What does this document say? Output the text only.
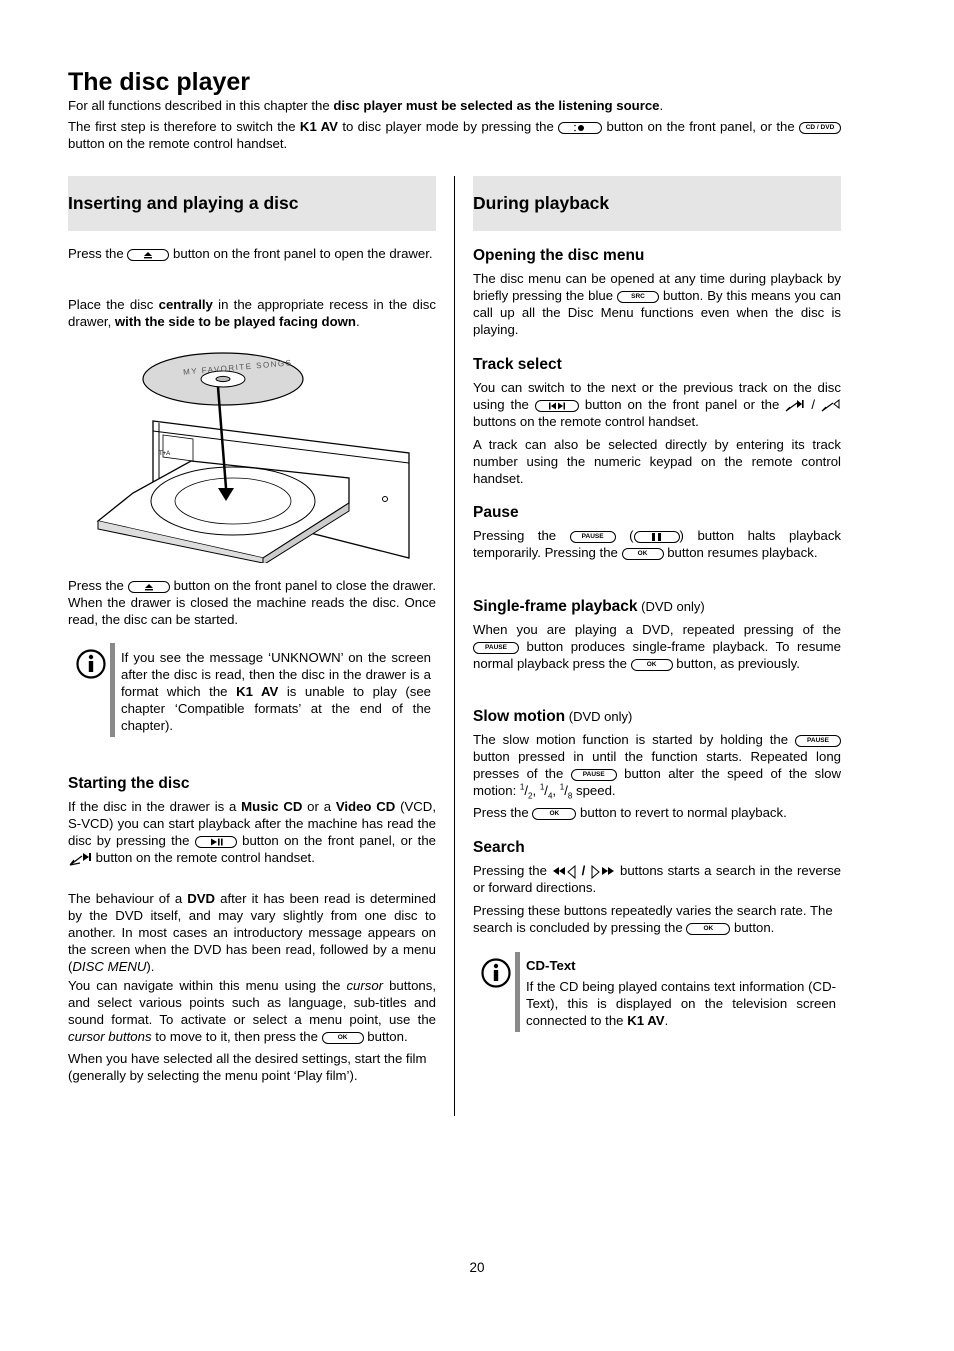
The disc player

For all functions described in this chapter the disc player must be selected as the listening source.

The first step is therefore to switch the K1 AV to disc player mode by pressing the	button on the front panel, or the	CD / DVD
button on the remote control handset.

Inserting and playing a disc

Press the	button on the front panel to open the drawer.

Place the disc centrally in the appropriate recess in the disc drawer, with the side to be played facing down.

T+A
MY FAVORITE SONGS

Press the	button on the front panel to close the drawer. When the drawer is closed the machine reads the disc. Once read, the disc can be started.

If you see the message ‘UNKNOWN’ on the screen after the disc is read, then the disc in the drawer is a format which the K1 AV is unable to play (see chapter ‘Compatible formats’ at the end of the chapter).

Starting the disc

If the disc in the drawer is a Music CD or a Video CD (VCD, S-VCD) you can start playback after the machine has read the disc by pressing the	button on the front panel, or the  button on the remote control handset.

The behaviour of a DVD after it has been read is determined by the DVD itself, and may vary slightly from one disc to another. In most cases an introductory message appears on the screen when the DVD has been read, followed by a menu (DISC MENU).

You can navigate within this menu using the cursor buttons, and select various points such as language, sub-titles and sound format. To activate or select a menu point, use the cursor buttons to move to it, then press the	OK	button.

When you have selected all the desired settings, start the film (generally by selecting the menu point ‘Play film’).

During playback
Opening the disc menu

The disc menu can be opened at any time during playback by briefly pressing the blue	SRC	button. By this means you can call up all the Disc Menu functions even when the disc is playing.

Track select

You can switch to the next or the previous track on the disc using the	button on the front panel or the  /  buttons on the remote control handset.

A track can also be selected directly by entering its track number using the numeric keypad on the remote control handset.

Pause

Pressing the	PAUSE (	) button halts playback temporarily. Pressing the	OK	button resumes playback.

Single-frame playback (DVD only)

When you are playing a DVD, repeated pressing of the
PAUSE button produces single-frame playback. To resume normal playback press the	OK	button, as previously.

Slow motion (DVD only)

The slow motion function is started by holding the	PAUSE
button pressed in until the function starts. Repeated long presses of the	PAUSE button alter the speed of the slow motion: $^1/_2$, $^1/_4$, $^1/_8$ speed.

Press the	OK	button to revert to normal playback.

Search

Pressing the  /  buttons starts a search in the reverse or forward directions.

Pressing these buttons repeatedly varies the search rate. The search is concluded by pressing the	OK	button.

CD-Text

If the CD being played contains text information (CD-Text), this is displayed on the television screen connected to the K1 AV.

20
